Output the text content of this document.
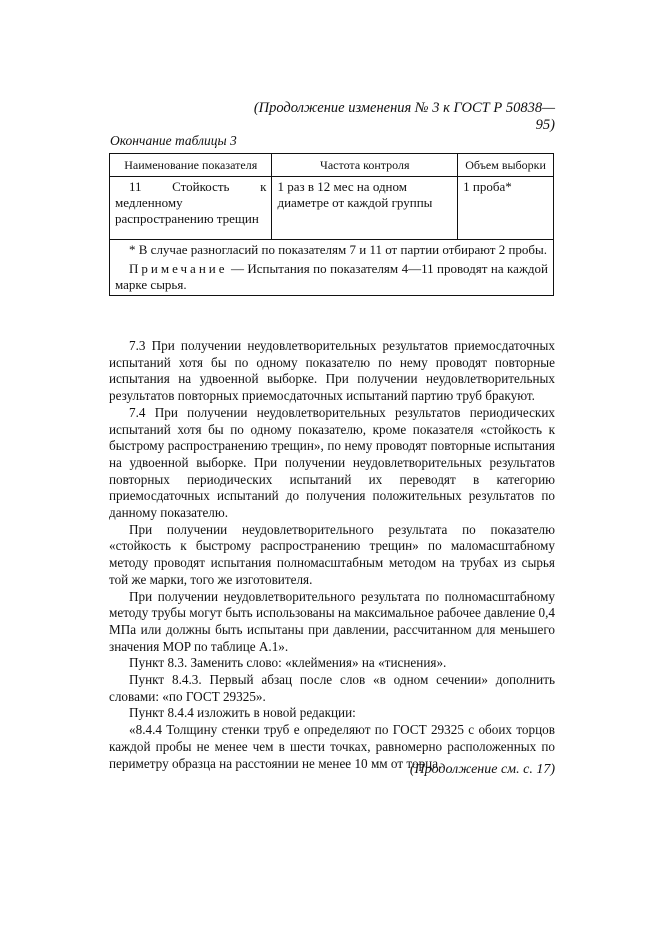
(Продолжение изменения № 3 к ГОСТ Р 50838—95)
Окончание таблицы 3
Наименование показателя	Частота контроля	Объем выборки
11 Стойкость к медленному распространению трещин	1 раз в 12 мес на одном диаметре от каждой группы	1 проба*

* В случае разногласий по показателям 7 и 11 от партии отбирают 2 пробы.
Примечание — Испытания по показателям 4—11 проводят на каждой марке сырья.		

7.3 При получении неудовлетворительных результатов приемосдаточных испытаний хотя бы по одному показателю по нему проводят повторные испытания на удвоенной выборке. При получении неудовлетворительных результатов повторных приемосдаточных испытаний партию труб бракуют.

7.4 При получении неудовлетворительных результатов периодических испытаний хотя бы по одному показателю, кроме показателя «стойкость к быстрому распространению трещин», по нему проводят повторные испытания на удвоенной выборке. При получении неудовлетворительных результатов повторных периодических испытаний их переводят в категорию приемосдаточных испытаний до получения положительных результатов по данному показателю.

При получении неудовлетворительного результата по показателю «стойкость к быстрому распространению трещин» по маломасштабному методу проводят испытания полномасштабным методом на трубах из сырья той же марки, того же изготовителя.

При получении неудовлетворительного результата по полномасштабному методу трубы могут быть использованы на максимальное рабочее давление 0,4 МПа или должны быть испытаны при давлении, рассчитанном для меньшего значения MOP по таблице А.1».

Пункт 8.3. Заменить слово: «клеймения» на «тиснения».

Пункт 8.4.3. Первый абзац после слов «в одном сечении» дополнить словами: «по ГОСТ 29325».

Пункт 8.4.4 изложить в новой редакции:

«8.4.4 Толщину стенки труб e определяют по ГОСТ 29325 с обоих торцов каждой пробы не менее чем в шести точках, равномерно расположенных по периметру образца на расстоянии не менее 10 мм от торца.

(Продолжение см. с. 17)
